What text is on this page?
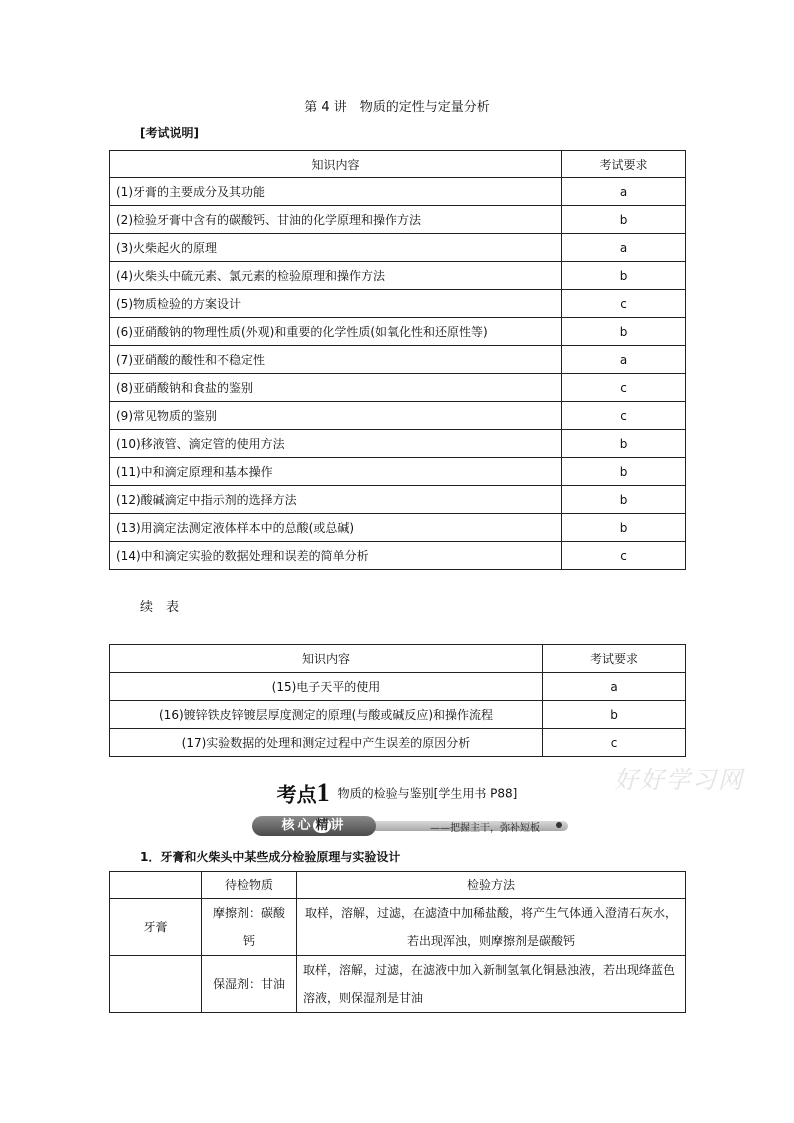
第 4 讲　物质的定性与定量分析
[考试说明]
知识内容	考试要求
(1)牙膏的主要成分及其功能	a
(2)检验牙膏中含有的碳酸钙、甘油的化学原理和操作方法	b
(3)火柴起火的原理	a
(4)火柴头中硫元素、氯元素的检验原理和操作方法	b
(5)物质检验的方案设计	c
(6)亚硝酸钠的物理性质(外观)和重要的化学性质(如氧化性和还原性等)	b
(7)亚硝酸的酸性和不稳定性	a
(8)亚硝酸钠和食盐的鉴别	c
(9)常见物质的鉴别	c
(10)移液管、滴定管的使用方法	b
(11)中和滴定原理和基本操作	b
(12)酸碱滴定中指示剂的选择方法	b
(13)用滴定法测定液体样本中的总酸(或总碱)	b
(14)中和滴定实验的数据处理和误差的简单分析	c
续　表
知识内容	考试要求
(15)电子天平的使用	a
(16)镀锌铁皮锌镀层厚度测定的原理(与酸或碱反应)和操作流程	b
(17)实验数据的处理和测定过程中产生误差的原因分析	c
好好学习网
考点1 物质的检验与鉴别[学生用书 P88]
核心 精 讲	——把握主干，弥补短板
1．牙膏和火柴头中某些成分检验原理与实验设计
	待检物质	检验方法
牙膏	摩擦剂：碳酸钙	取样，溶解，过滤，在滤渣中加稀盐酸，将产生气体通入澄清石灰水，若出现浑浊，则摩擦剂是碳酸钙
	保湿剂：甘油	取样，溶解，过滤，在滤液中加入新制氢氧化铜悬浊液，若出现绛蓝色溶液，则保湿剂是甘油
